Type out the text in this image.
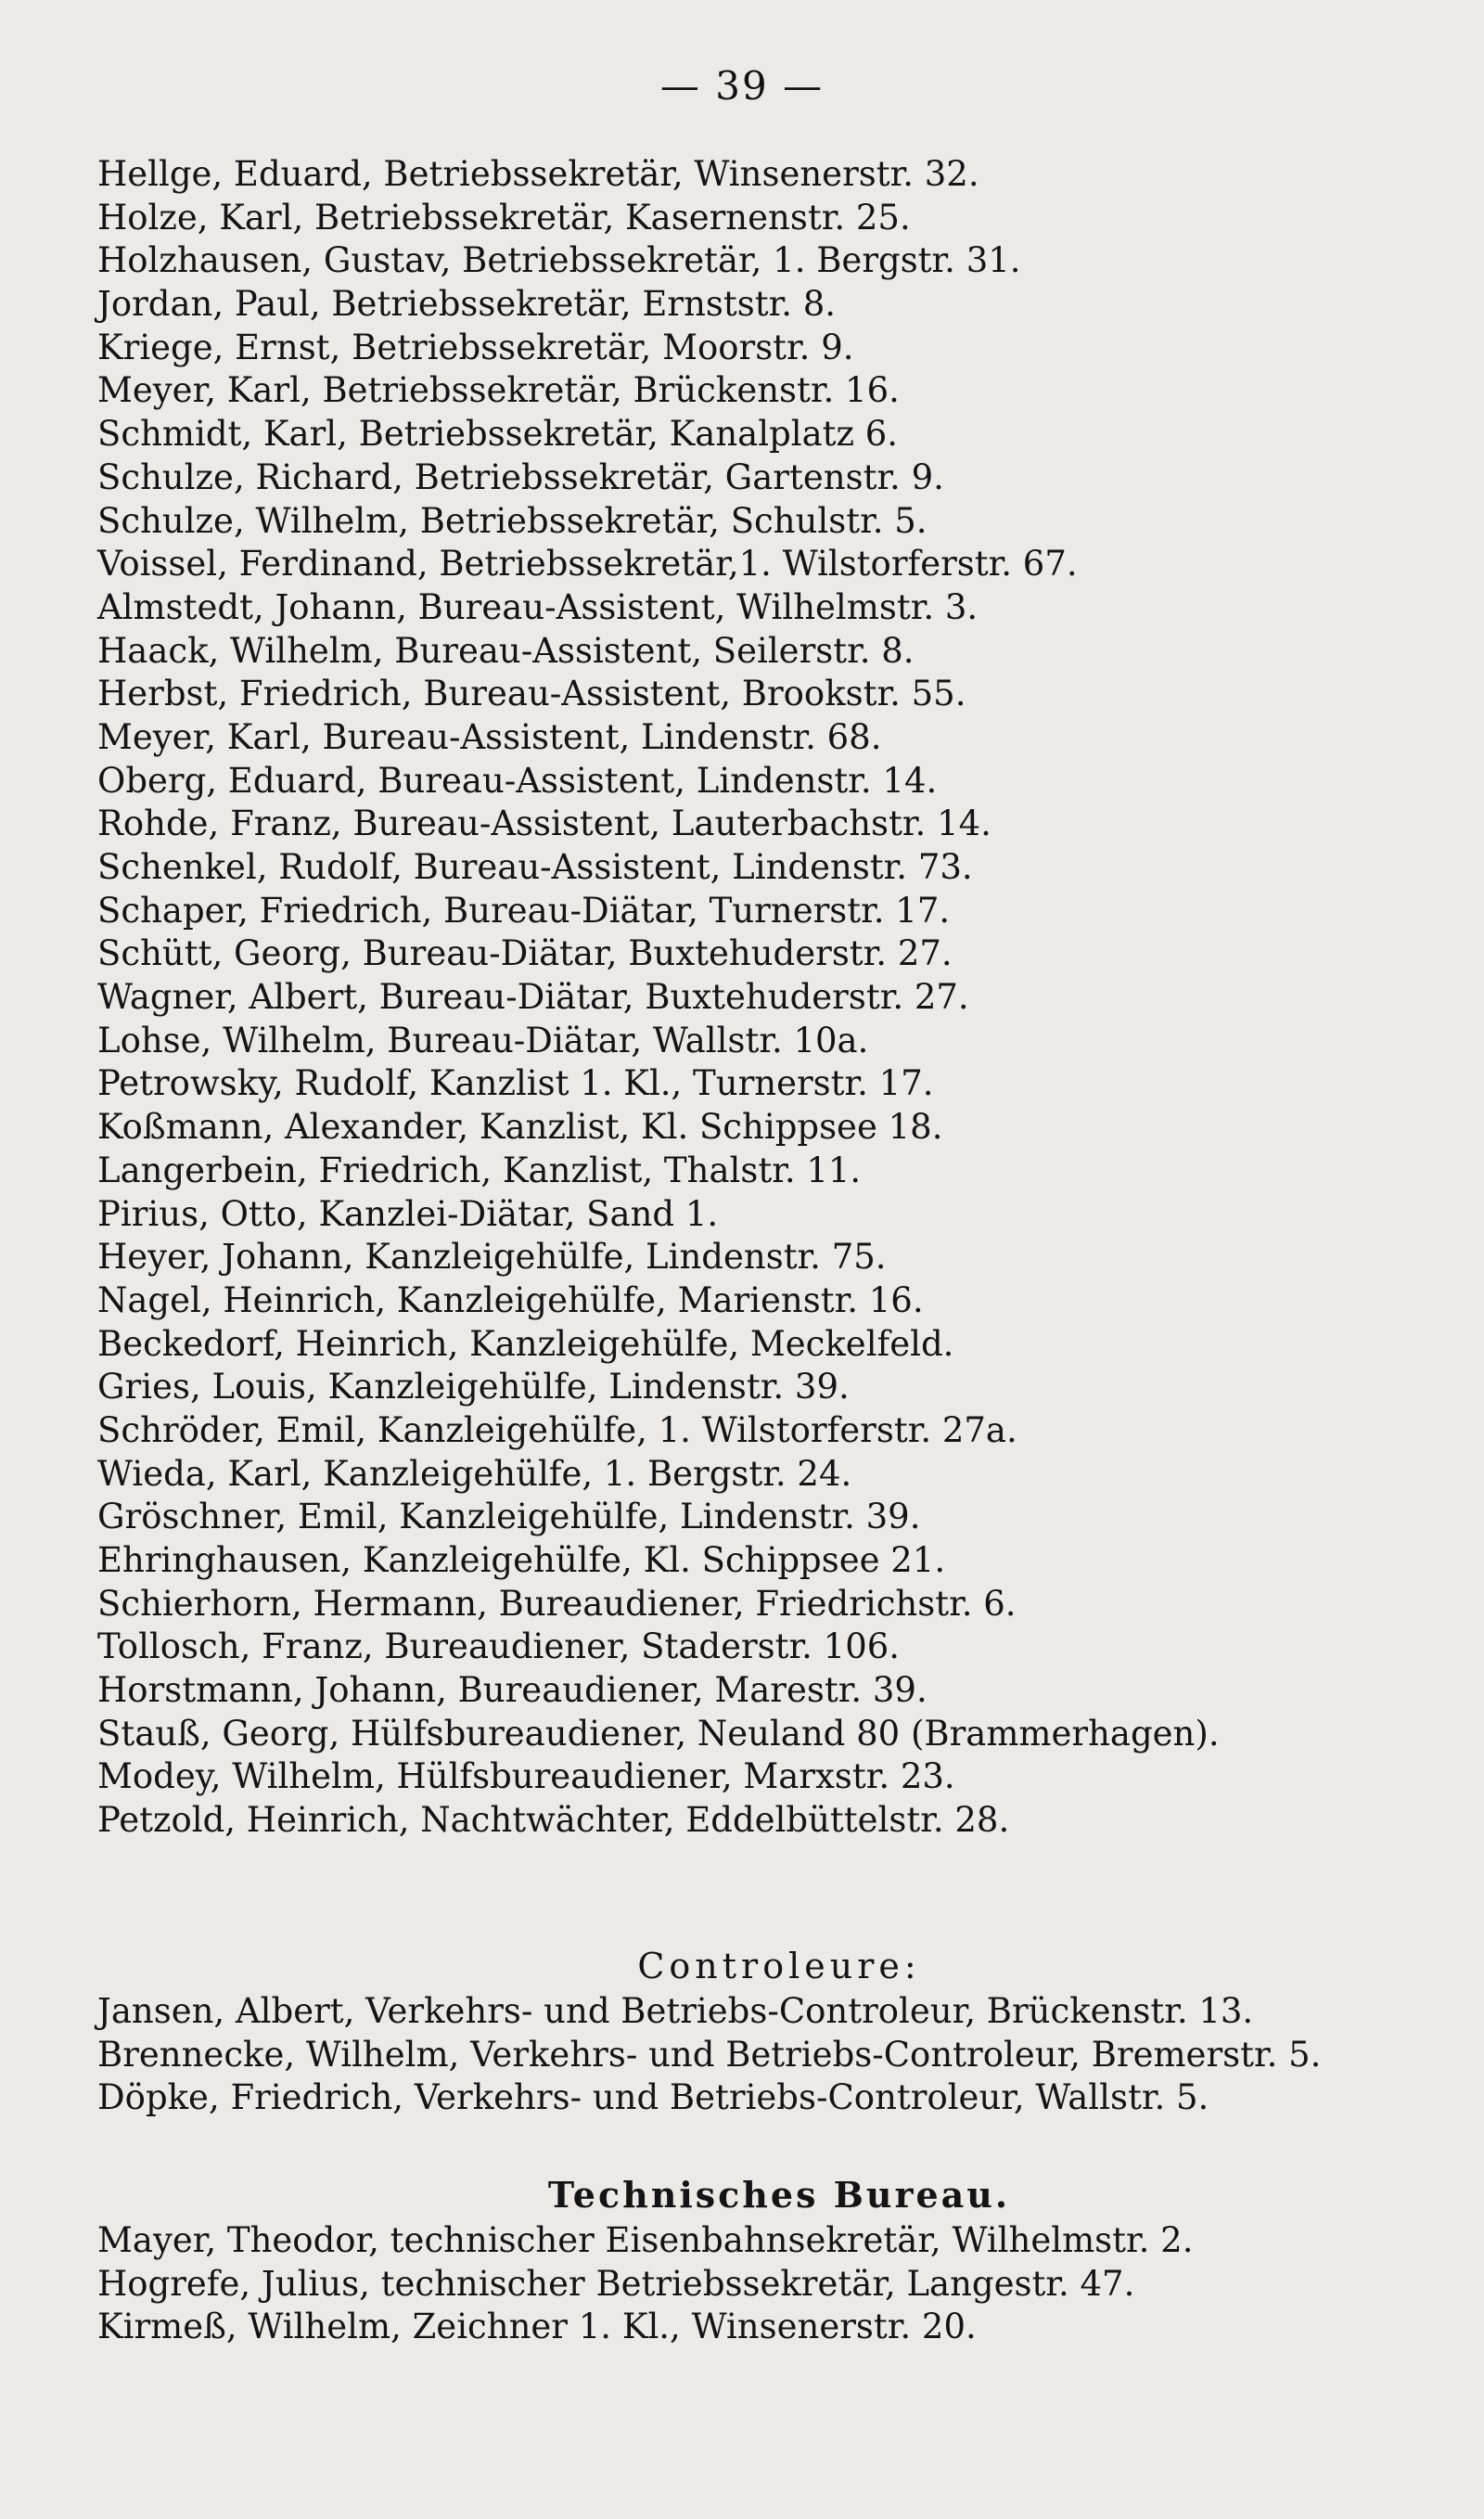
— 39 —
Hellge, Eduard, Betriebssekretär, Winsenerstr. 32.
Holze, Karl, Betriebssekretär, Kasernenstr. 25.
Holzhausen, Gustav, Betriebssekretär, 1. Bergstr. 31.
Jordan, Paul, Betriebssekretär, Ernststr. 8.
Kriege, Ernst, Betriebssekretär, Moorstr. 9.
Meyer, Karl, Betriebssekretär, Brückenstr. 16.
Schmidt, Karl, Betriebssekretär, Kanalplatz 6.
Schulze, Richard, Betriebssekretär, Gartenstr. 9.
Schulze, Wilhelm, Betriebssekretär, Schulstr. 5.
Voissel, Ferdinand, Betriebssekretär,1. Wilstorferstr. 67.
Almstedt, Johann, Bureau-Assistent, Wilhelmstr. 3.
Haack, Wilhelm, Bureau-Assistent, Seilerstr. 8.
Herbst, Friedrich, Bureau-Assistent, Brookstr. 55.
Meyer, Karl, Bureau-Assistent, Lindenstr. 68.
Oberg, Eduard, Bureau-Assistent, Lindenstr. 14.
Rohde, Franz, Bureau-Assistent, Lauterbachstr. 14.
Schenkel, Rudolf, Bureau-Assistent, Lindenstr. 73.
Schaper, Friedrich, Bureau-Diätar, Turnerstr. 17.
Schütt, Georg, Bureau-Diätar, Buxtehuderstr. 27.
Wagner, Albert, Bureau-Diätar, Buxtehuderstr. 27.
Lohse, Wilhelm, Bureau-Diätar, Wallstr. 10a.
Petrowsky, Rudolf, Kanzlist 1. Kl., Turnerstr. 17.
Koßmann, Alexander, Kanzlist, Kl. Schippsee 18.
Langerbein, Friedrich, Kanzlist, Thalstr. 11.
Pirius, Otto, Kanzlei-Diätar, Sand 1.
Heyer, Johann, Kanzleigehülfe, Lindenstr. 75.
Nagel, Heinrich, Kanzleigehülfe, Marienstr. 16.
Beckedorf, Heinrich, Kanzleigehülfe, Meckelfeld.
Gries, Louis, Kanzleigehülfe, Lindenstr. 39.
Schröder, Emil, Kanzleigehülfe, 1. Wilstorferstr. 27a.
Wieda, Karl, Kanzleigehülfe, 1. Bergstr. 24.
Gröschner, Emil, Kanzleigehülfe, Lindenstr. 39.
Ehringhausen, Kanzleigehülfe, Kl. Schippsee 21.
Schierhorn, Hermann, Bureaudiener, Friedrichstr. 6.
Tollosch, Franz, Bureaudiener, Staderstr. 106.
Horstmann, Johann, Bureaudiener, Marestr. 39.
Stauß, Georg, Hülfsbureaudiener, Neuland 80 (Brammerhagen).
Modey, Wilhelm, Hülfsbureaudiener, Marxstr. 23.
Petzold, Heinrich, Nachtwächter, Eddelbüttelstr. 28.
Controleure:
Jansen, Albert, Verkehrs- und Betriebs-Controleur, Brückenstr. 13.
Brennecke, Wilhelm, Verkehrs- und Betriebs-Controleur, Bremerstr. 5.
Döpke, Friedrich, Verkehrs- und Betriebs-Controleur, Wallstr. 5.
Technisches Bureau.
Mayer, Theodor, technischer Eisenbahnsekretär, Wilhelmstr. 2.
Hogrefe, Julius, technischer Betriebssekretär, Langestr. 47.
Kirmeß, Wilhelm, Zeichner 1. Kl., Winsenerstr. 20.
